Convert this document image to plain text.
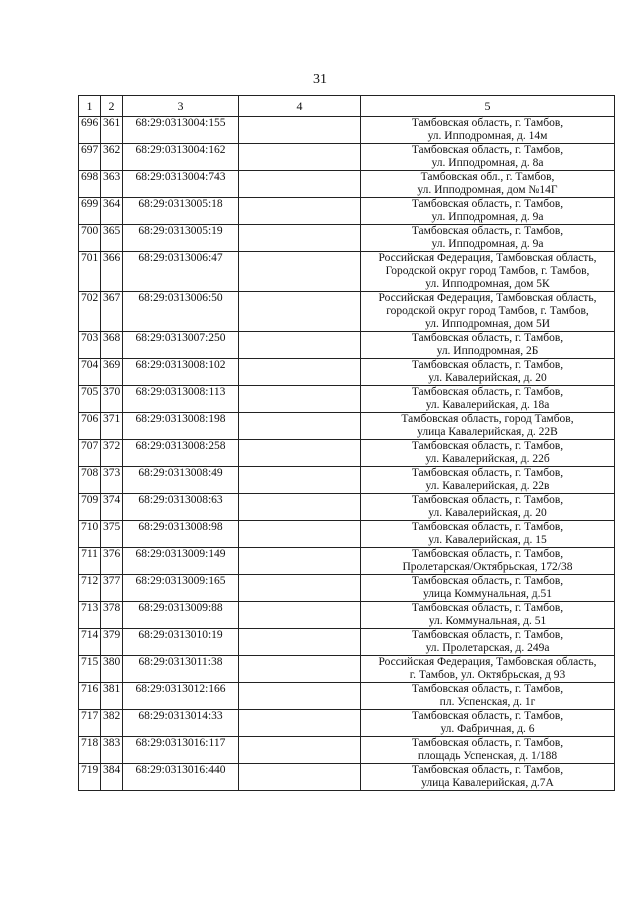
31
1	2	3	4	5
696	361	68:29:0313004:155		Тамбовская область, г. Тамбов,
ул. Ипподромная, д. 14м

697	362	68:29:0313004:162		Тамбовская область, г. Тамбов,
ул. Ипподромная, д. 8а

698	363	68:29:0313004:743		Тамбовская обл., г. Тамбов,
ул. Ипподромная, дом №14Г

699	364	68:29:0313005:18		Тамбовская область, г. Тамбов,
ул. Ипподромная, д. 9а

700	365	68:29:0313005:19		Тамбовская область, г. Тамбов,
ул. Ипподромная, д. 9а

701	366	68:29:0313006:47		Российская Федерация, Тамбовская область,
Городской округ город Тамбов, г. Тамбов,
ул. Ипподромная, дом 5К

702	367	68:29:0313006:50		Российская Федерация, Тамбовская область,
городской округ город Тамбов, г. Тамбов,
ул. Ипподромная, дом 5И

703	368	68:29:0313007:250		Тамбовская область, г. Тамбов,
ул. Ипподромная, 2Б

704	369	68:29:0313008:102		Тамбовская область, г. Тамбов,
ул. Кавалерийская, д. 20

705	370	68:29:0313008:113		Тамбовская область, г. Тамбов,
ул. Кавалерийская, д. 18а

706	371	68:29:0313008:198		Тамбовская область, город Тамбов,
улица Кавалерийская, д. 22В

707	372	68:29:0313008:258		Тамбовская область, г. Тамбов,
ул. Кавалерийская, д. 22б

708	373	68:29:0313008:49		Тамбовская область, г. Тамбов,
ул. Кавалерийская, д. 22в

709	374	68:29:0313008:63		Тамбовская область, г. Тамбов,
ул. Кавалерийская, д. 20

710	375	68:29:0313008:98		Тамбовская область, г. Тамбов,
ул. Кавалерийская, д. 15

711	376	68:29:0313009:149		Тамбовская область, г. Тамбов,
Пролетарская/Октябрьская, 172/38

712	377	68:29:0313009:165		Тамбовская область, г. Тамбов,
улица Коммунальная, д.51

713	378	68:29:0313009:88		Тамбовская область, г. Тамбов,
ул. Коммунальная, д. 51

714	379	68:29:0313010:19		Тамбовская область, г. Тамбов,
ул. Пролетарская, д. 249а

715	380	68:29:0313011:38		Российская Федерация, Тамбовская область,
г. Тамбов, ул. Октябрьская, д 93

716	381	68:29:0313012:166		Тамбовская область, г. Тамбов,
пл. Успенская, д. 1г

717	382	68:29:0313014:33		Тамбовская область, г. Тамбов,
ул. Фабричная, д. 6

718	383	68:29:0313016:117		Тамбовская область, г. Тамбов,
площадь Успенская, д. 1/188

719	384	68:29:0313016:440		Тамбовская область, г. Тамбов,
улица Кавалерийская, д.7А
